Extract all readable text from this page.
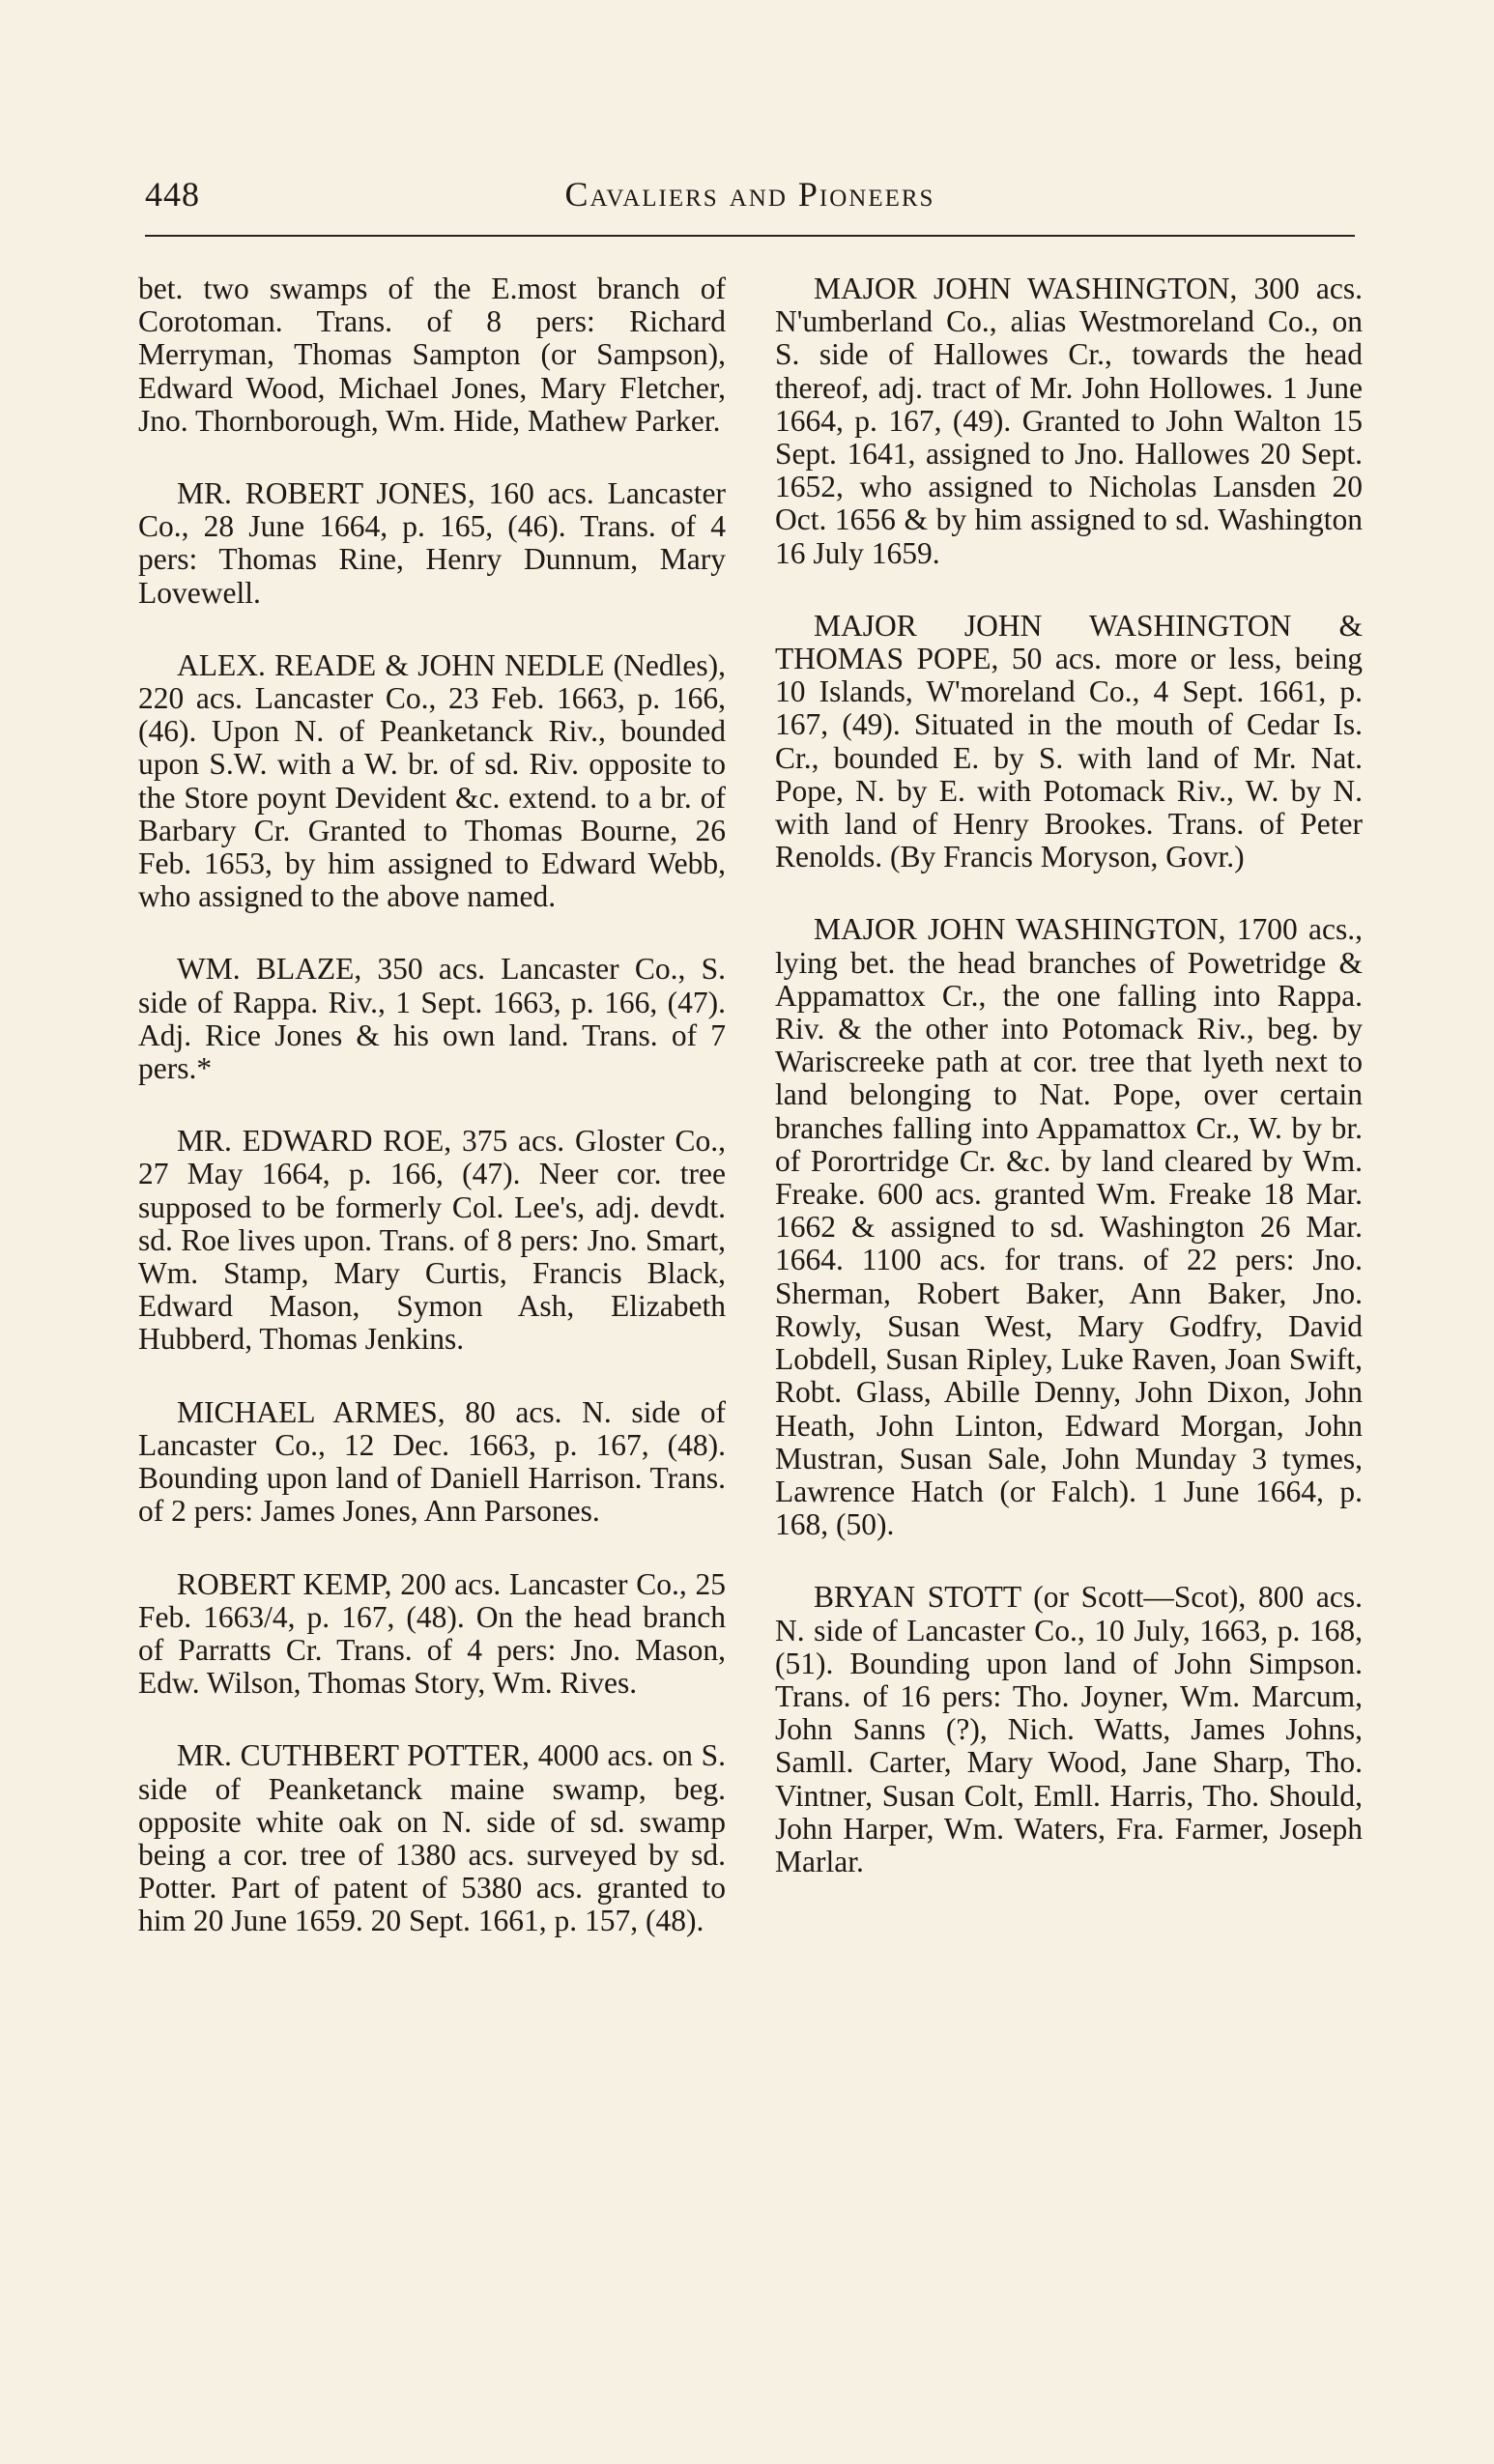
448	Cavaliers and Pioneers

bet. two swamps of the E.most branch of Corotoman. Trans. of 8 pers: Richard Merryman, Thomas Sampton (or Sampson), Edward Wood, Michael Jones, Mary Fletcher, Jno. Thornborough, Wm. Hide, Mathew Parker.

MR. ROBERT JONES, 160 acs. Lancaster Co., 28 June 1664, p. 165, (46). Trans. of 4 pers: Thomas Rine, Henry Dunnum, Mary Lovewell.

ALEX. READE & JOHN NEDLE (Nedles), 220 acs. Lancaster Co., 23 Feb. 1663, p. 166, (46). Upon N. of Peanketanck Riv., bounded upon S.W. with a W. br. of sd. Riv. opposite to the Store poynt Devident &c. extend. to a br. of Barbary Cr. Granted to Thomas Bourne, 26 Feb. 1653, by him assigned to Edward Webb, who assigned to the above named.

WM. BLAZE, 350 acs. Lancaster Co., S. side of Rappa. Riv., 1 Sept. 1663, p. 166, (47). Adj. Rice Jones & his own land. Trans. of 7 pers.*

MR. EDWARD ROE, 375 acs. Gloster Co., 27 May 1664, p. 166, (47). Neer cor. tree supposed to be formerly Col. Lee's, adj. devdt. sd. Roe lives upon. Trans. of 8 pers: Jno. Smart, Wm. Stamp, Mary Curtis, Francis Black, Edward Mason, Symon Ash, Elizabeth Hubberd, Thomas Jenkins.

MICHAEL ARMES, 80 acs. N. side of Lancaster Co., 12 Dec. 1663, p. 167, (48). Bounding upon land of Daniell Harrison. Trans. of 2 pers: James Jones, Ann Parsones.

ROBERT KEMP, 200 acs. Lancaster Co., 25 Feb. 1663/4, p. 167, (48). On the head branch of Parratts Cr. Trans. of 4 pers: Jno. Mason, Edw. Wilson, Thomas Story, Wm. Rives.

MR. CUTHBERT POTTER, 4000 acs. on S. side of Peanketanck maine swamp, beg. opposite white oak on N. side of sd. swamp being a cor. tree of 1380 acs. surveyed by sd. Potter. Part of patent of 5380 acs. granted to him 20 June 1659. 20 Sept. 1661, p. 157, (48).

MAJOR JOHN WASHINGTON, 300 acs. N'umberland Co., alias Westmoreland Co., on S. side of Hallowes Cr., towards the head thereof, adj. tract of Mr. John Hollowes. 1 June 1664, p. 167, (49). Granted to John Walton 15 Sept. 1641, assigned to Jno. Hallowes 20 Sept. 1652, who assigned to Nicholas Lansden 20 Oct. 1656 & by him assigned to sd. Washington 16 July 1659.

MAJOR JOHN WASHINGTON & THOMAS POPE, 50 acs. more or less, being 10 Islands, W'moreland Co., 4 Sept. 1661, p. 167, (49). Situated in the mouth of Cedar Is. Cr., bounded E. by S. with land of Mr. Nat. Pope, N. by E. with Potomack Riv., W. by N. with land of Henry Brookes. Trans. of Peter Renolds. (By Francis Moryson, Govr.)

MAJOR JOHN WASHINGTON, 1700 acs., lying bet. the head branches of Powetridge & Appamattox Cr., the one falling into Rappa. Riv. & the other into Potomack Riv., beg. by Wariscreeke path at cor. tree that lyeth next to land belonging to Nat. Pope, over certain branches falling into Appamattox Cr., W. by br. of Porortridge Cr. &c. by land cleared by Wm. Freake. 600 acs. granted Wm. Freake 18 Mar. 1662 & assigned to sd. Washington 26 Mar. 1664. 1100 acs. for trans. of 22 pers: Jno. Sherman, Robert Baker, Ann Baker, Jno. Rowly, Susan West, Mary Godfry, David Lobdell, Susan Ripley, Luke Raven, Joan Swift, Robt. Glass, Abille Denny, John Dixon, John Heath, John Linton, Edward Morgan, John Mustran, Susan Sale, John Munday 3 tymes, Lawrence Hatch (or Falch). 1 June 1664, p. 168, (50).

BRYAN STOTT (or Scott—Scot), 800 acs. N. side of Lancaster Co., 10 July, 1663, p. 168, (51). Bounding upon land of John Simpson. Trans. of 16 pers: Tho. Joyner, Wm. Marcum, John Sanns (?), Nich. Watts, James Johns, Samll. Carter, Mary Wood, Jane Sharp, Tho. Vintner, Susan Colt, Emll. Harris, Tho. Should, John Harper, Wm. Waters, Fra. Farmer, Joseph Marlar.
